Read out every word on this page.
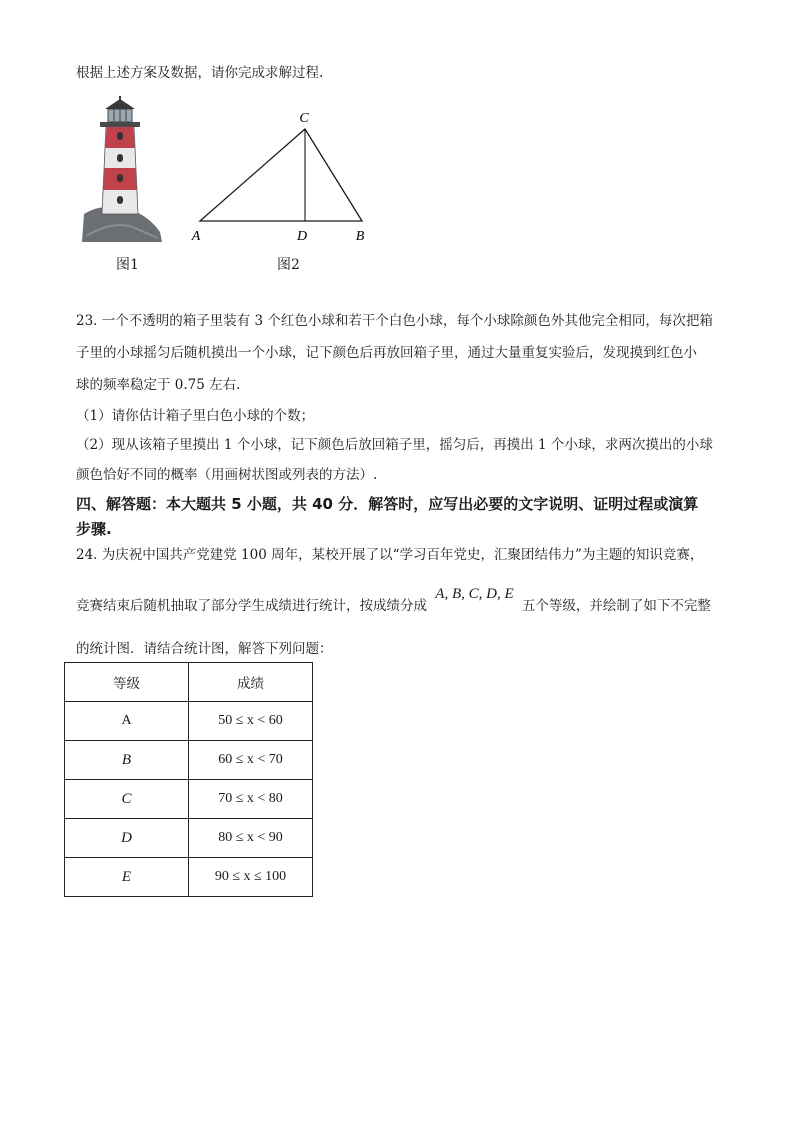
根据上述方案及数据，请你完成求解过程.
图1
C
A	D	B
图2
23. 一个不透明的箱子里装有 3 个红色小球和若干个白色小球，每个小球除颜色外其他完全相同，每次把箱
子里的小球摇匀后随机摸出一个小球，记下颜色后再放回箱子里，通过大量重复实验后，发现摸到红色小
球的频率稳定于 0.75 左右.
（1）请你估计箱子里白色小球的个数；
（2）现从该箱子里摸出 1 个小球，记下颜色后放回箱子里，摇匀后，再摸出 1 个小球，求两次摸出的小球
颜色恰好不同的概率（用画树状图或列表的方法）.
四、解答题：本大题共 5 小题，共 40 分．解答时，应写出必要的文字说明、证明过程或演算
步骤.
24. 为庆祝中国共产党建党 100 周年，某校开展了以“学习百年党史，汇聚团结伟力”为主题的知识竞赛，
竞赛结束后随机抽取了部分学生成绩进行统计，按成绩分成 A, B, C, D, E 五个等级，并绘制了如下不完整
的统计图．请结合统计图，解答下列问题：
等级	成绩
A	50 ≤ x < 60
B	60 ≤ x < 70
C	70 ≤ x < 80
D	80 ≤ x < 90
E	90 ≤ x ≤ 100
